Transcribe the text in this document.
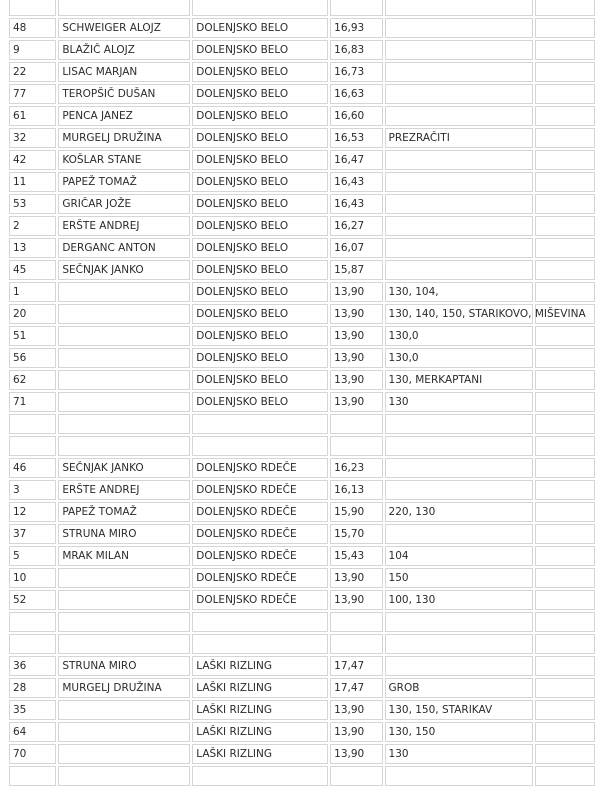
48	SCHWEIGER ALOJZ	DOLENJSKO BELO	16,93		
9	BLAŽIČ ALOJZ	DOLENJSKO BELO	16,83		
22	LISAC MARJAN	DOLENJSKO BELO	16,73		
77	TEROPŠIČ DUŠAN	DOLENJSKO BELO	16,63		
61	PENCA JANEZ	DOLENJSKO BELO	16,60		
32	MURGELJ DRUŽINA	DOLENJSKO BELO	16,53	PREZRAČITI	
42	KOŠLAR STANE	DOLENJSKO BELO	16,47		
11	PAPEŽ TOMAŽ	DOLENJSKO BELO	16,43		
53	GRIČAR JOŽE	DOLENJSKO BELO	16,43		
2	ERŠTE ANDREJ	DOLENJSKO BELO	16,27		
13	DERGANC ANTON	DOLENJSKO BELO	16,07		
45	SEČNJAK JANKO	DOLENJSKO BELO	15,87		
1		DOLENJSKO BELO	13,90	130, 104,	
20		DOLENJSKO BELO	13,90	130, 140, 150, STARIKOVO, MIŠEVINA	
51		DOLENJSKO BELO	13,90	130,0	
56		DOLENJSKO BELO	13,90	130,0	
62		DOLENJSKO BELO	13,90	130, MERKAPTANI	
71		DOLENJSKO BELO	13,90	130	

46	SEČNJAK JANKO	DOLENJSKO RDEČE	16,23		
3	ERŠTE ANDREJ	DOLENJSKO RDEČE	16,13		
12	PAPEŽ TOMAŽ	DOLENJSKO RDEČE	15,90	220, 130	
37	STRUNA MIRO	DOLENJSKO RDEČE	15,70		
5	MRAK MILAN	DOLENJSKO RDEČE	15,43	104	
10		DOLENJSKO RDEČE	13,90	150	
52		DOLENJSKO RDEČE	13,90	100, 130	

36	STRUNA MIRO	LAŠKI RIZLING	17,47		
28	MURGELJ DRUŽINA	LAŠKI RIZLING	17,47	GROB	
35		LAŠKI RIZLING	13,90	130, 150, STARIKAV	
64		LAŠKI RIZLING	13,90	130, 150	
70		LAŠKI RIZLING	13,90	130	
